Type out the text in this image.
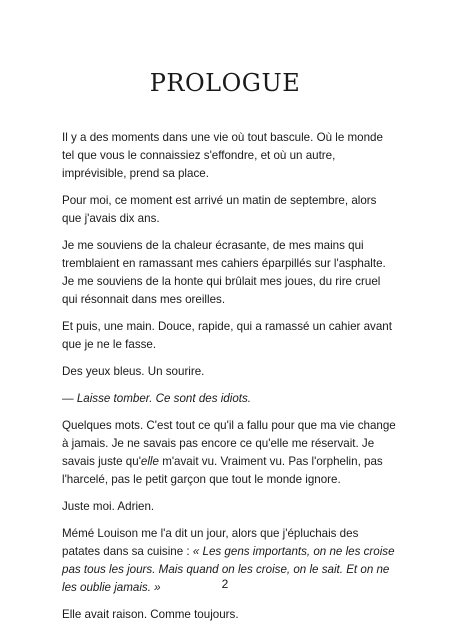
PROLOGUE

Il y a des moments dans une vie où tout bascule. Où le monde tel que vous le connaissiez s'effondre, et où un autre, imprévisible, prend sa place.

Pour moi, ce moment est arrivé un matin de septembre, alors que j'avais dix ans.

Je me souviens de la chaleur écrasante, de mes mains qui tremblaient en ramassant mes cahiers éparpillés sur l'asphalte. Je me souviens de la honte qui brûlait mes joues, du rire cruel qui résonnait dans mes oreilles.

Et puis, une main. Douce, rapide, qui a ramassé un cahier avant que je ne le fasse.

Des yeux bleus. Un sourire.

— Laisse tomber. Ce sont des idiots.

Quelques mots. C'est tout ce qu'il a fallu pour que ma vie change à jamais. Je ne savais pas encore ce qu'elle me réservait. Je savais juste qu'elle m'avait vu. Vraiment vu. Pas l'orphelin, pas l'harcelé, pas le petit garçon que tout le monde ignore.

Juste moi. Adrien.

Mémé Louison me l'a dit un jour, alors que j'épluchais des patates dans sa cuisine : « Les gens importants, on ne les croise pas tous les jours. Mais quand on les croise, on le sait. Et on ne les oublie jamais. »

Elle avait raison. Comme toujours.

2
